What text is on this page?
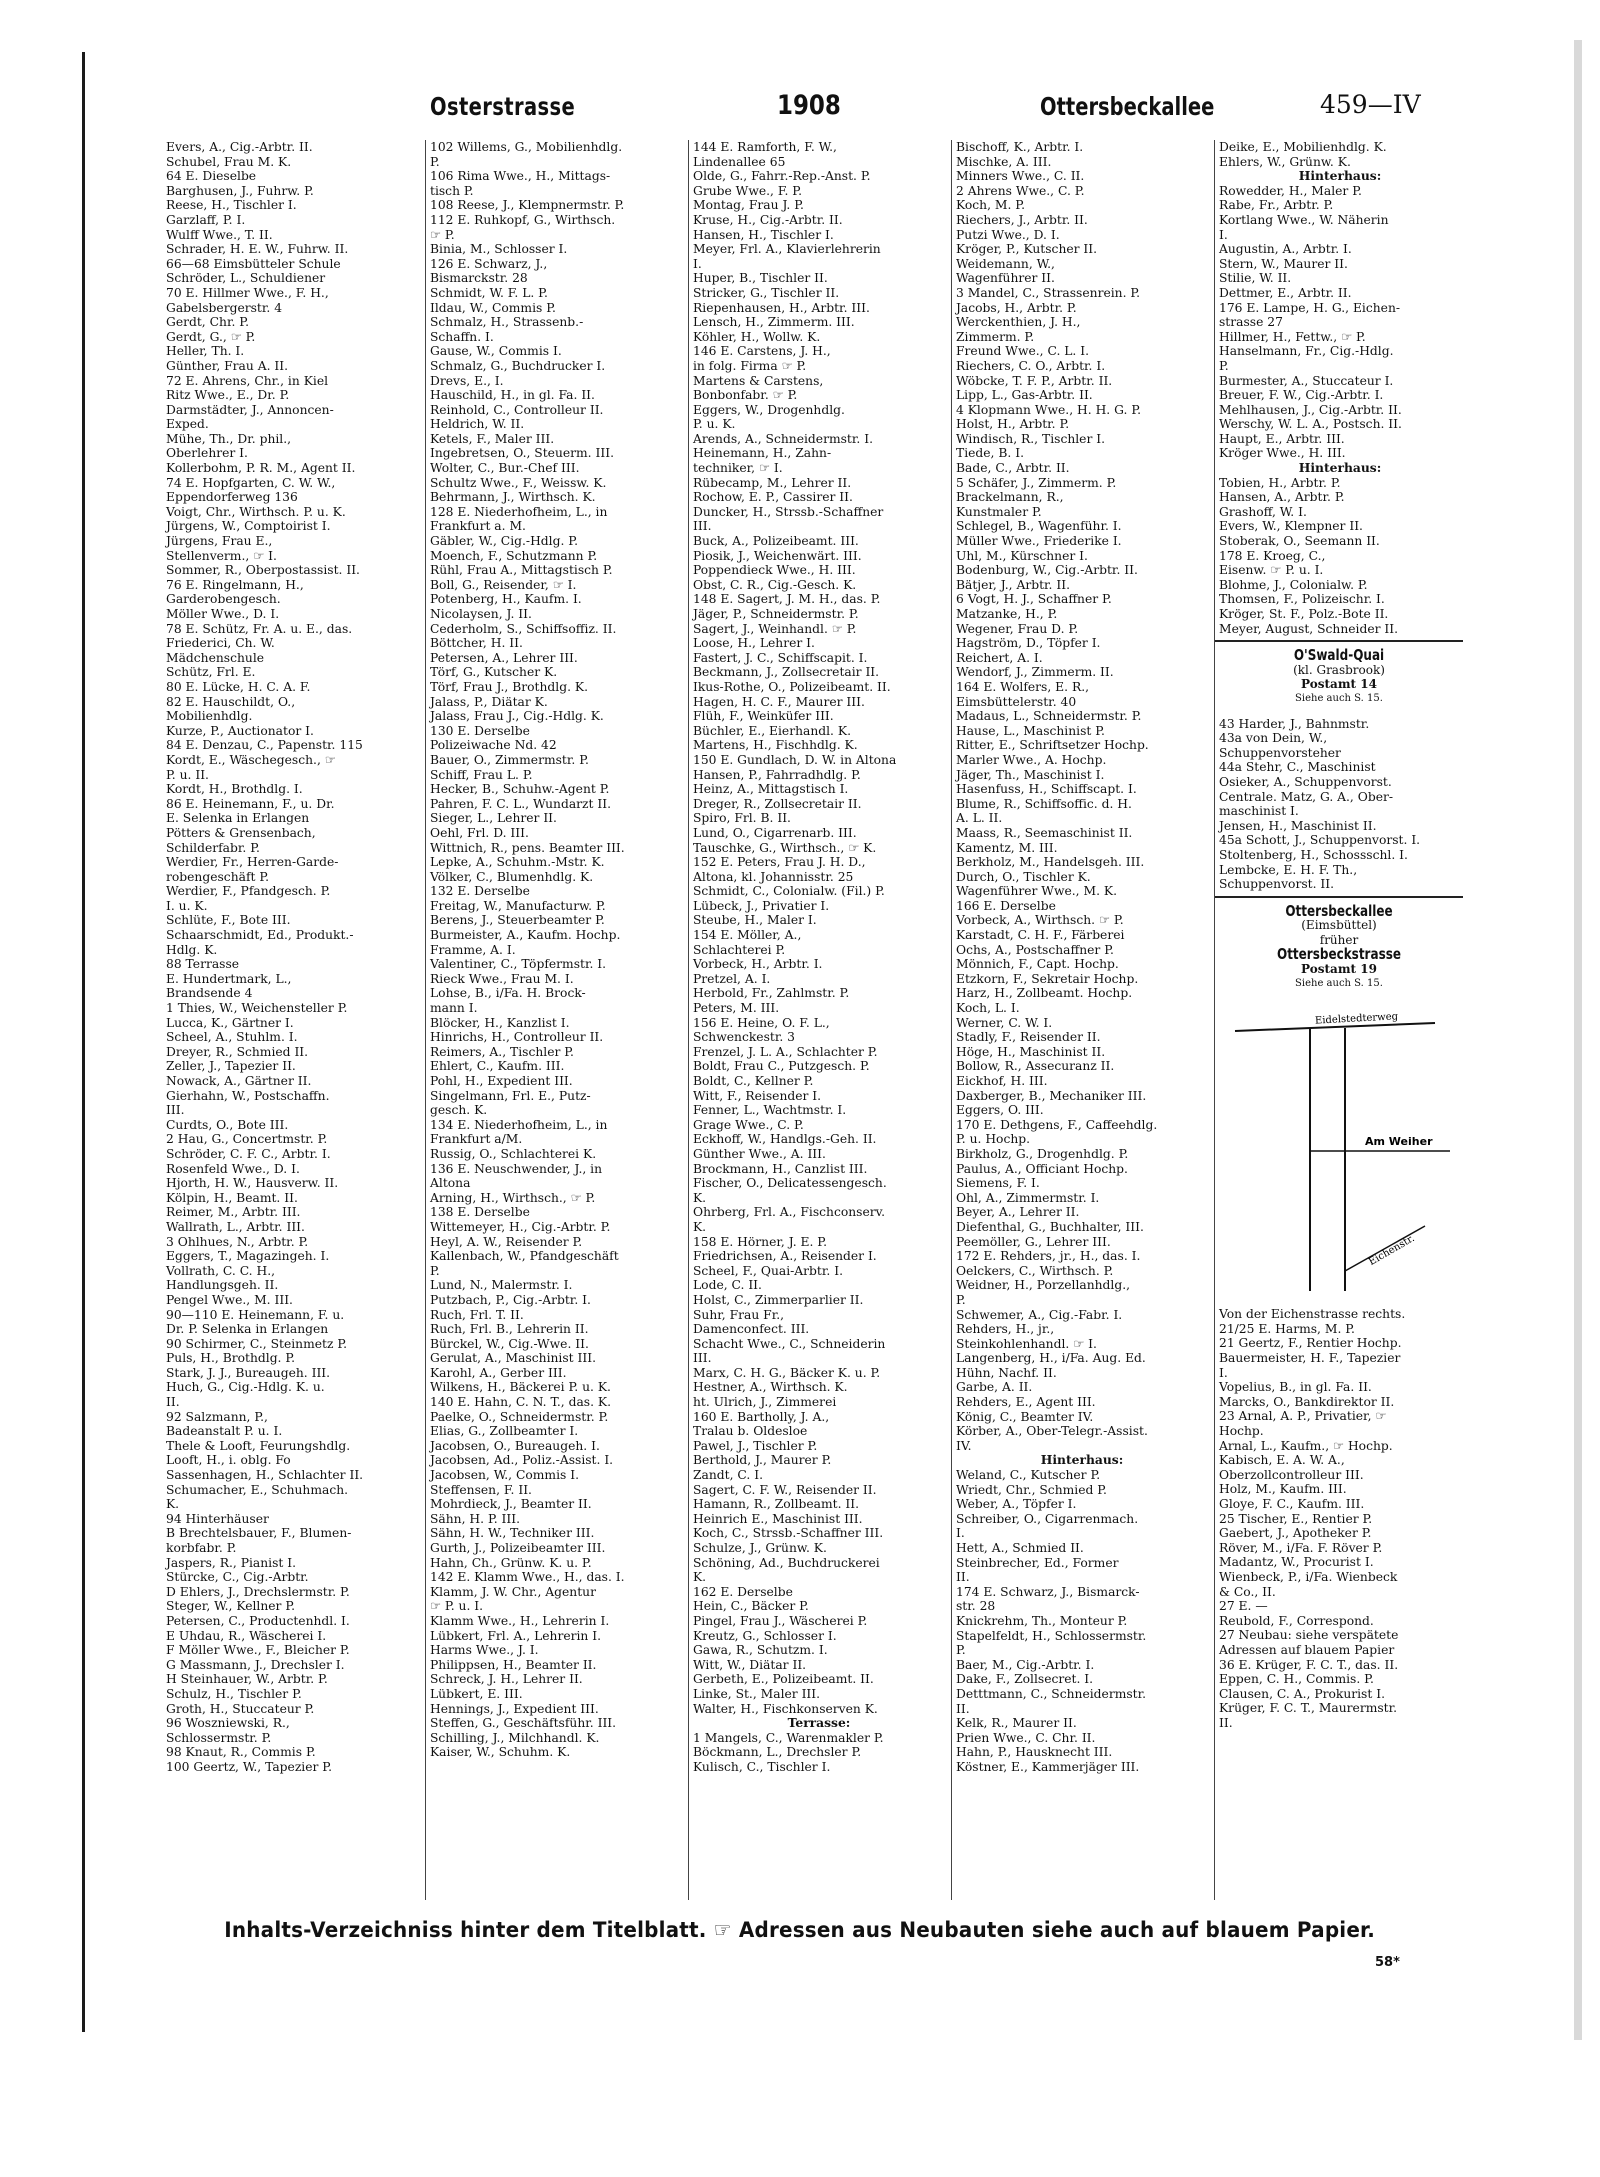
Osterstrasse	1908	Ottersbeckallee	459—IV
Evers, A., Cig.-Arbtr. II.
Schubel, Frau M. K.
64 E. Dieselbe
Barghusen, J., Fuhrw. P.
Reese, H., Tischler I.
Garzlaff, P. I.
Wulff Wwe., T. II.
Schrader, H. E. W., Fuhrw. II.
66—68 Eimsbütteler Schule
Schröder, L., Schuldiener
70 E. Hillmer Wwe., F. H.,
Gabelsbergerstr. 4
Gerdt, Chr. P.
Gerdt, G., ☞ P.
Heller, Th. I.
Günther, Frau A. II.
72 E. Ahrens, Chr., in Kiel
Ritz Wwe., E., Dr. P.
Darmstädter, J., Annoncen-
Exped.
Mühe, Th., Dr. phil.,
Oberlehrer I.
Kollerbohm, P. R. M., Agent II.
74 E. Hopfgarten, C. W. W.,
Eppendorferweg 136
Voigt, Chr., Wirthsch. P. u. K.
Jürgens, W., Comptoirist I.
Jürgens, Frau E.,
Stellenverm., ☞ I.
Sommer, R., Oberpostassist. II.
76 E. Ringelmann, H.,
Garderobengesch.
Möller Wwe., D. I.
78 E. Schütz, Fr. A. u. E., das.
Friederici, Ch. W.
Mädchenschule
Schütz, Frl. E.
80 E. Lücke, H. C. A. F.
82 E. Hauschildt, O.,
Mobilienhdlg.
Kurze, P., Auctionator I.
84 E. Denzau, C., Papenstr. 115
Kordt, E., Wäschegesch., ☞
P. u. II.
Kordt, H., Brothdlg. I.
86 E. Heinemann, F., u. Dr.
E. Selenka in Erlangen
Pötters & Grensenbach,
Schilderfabr. P.
Werdier, Fr., Herren-Garde-
robengeschäft P.
Werdier, F., Pfandgesch. P.
I. u. K.
Schlüte, F., Bote III.
Schaarschmidt, Ed., Produkt.-
Hdlg. K.
88 Terrasse
E. Hundertmark, L.,
Brandsende 4
1 Thies, W., Weichensteller P.
Lucca, K., Gärtner I.
Scheel, A., Stuhlm. I.
Dreyer, R., Schmied II.
Zeller, J., Tapezier II.
Nowack, A., Gärtner II.
Gierhahn, W., Postschaffn.
III.
Curdts, O., Bote III.
2 Hau, G., Concertmstr. P.
Schröder, C. F. C., Arbtr. I.
Rosenfeld Wwe., D. I.
Hjorth, H. W., Hausverw. II.
Kölpin, H., Beamt. II.
Reimer, M., Arbtr. III.
Wallrath, L., Arbtr. III.
3 Ohlhues, N., Arbtr. P.
Eggers, T., Magazingeh. I.
Vollrath, C. C. H.,
Handlungsgeh. II.
Pengel Wwe., M. III.
90—110 E. Heinemann, F. u.
Dr. P. Selenka in Erlangen
90 Schirmer, C., Steinmetz P.
Puls, H., Brothdlg. P.
Stark, J. J., Bureaugeh. III.
Huch, G., Cig.-Hdlg. K. u.
II.
92 Salzmann, P.,
Badeanstalt P. u. I.
Thele & Looft, Feurungshdlg.
Looft, H., i. oblg. Fo
Sassenhagen, H., Schlachter II.
Schumacher, E., Schuhmach.
K.
94 Hinterhäuser
B Brechtelsbauer, F., Blumen-
korbfabr. P.
Jaspers, R., Pianist I.
Stürcke, C., Cig.-Arbtr.
D Ehlers, J., Drechslermstr. P.
Steger, W., Kellner P.
Petersen, C., Productenhdl. I.
E Uhdau, R., Wäscherei I.
F Möller Wwe., F., Bleicher P.
G Massmann, J., Drechsler I.
H Steinhauer, W., Arbtr. P.
Schulz, H., Tischler P.
Groth, H., Stuccateur P.
96 Woszniewski, R.,
Schlossermstr. P.
98 Knaut, R., Commis P.
100 Geertz, W., Tapezier P.
102 Willems, G., Mobilienhdlg.
P.
106 Rima Wwe., H., Mittags-
tisch P.
108 Reese, J., Klempnermstr. P.
112 E. Ruhkopf, G., Wirthsch.
☞ P.
Binia, M., Schlosser I.
126 E. Schwarz, J.,
Bismarckstr. 28
Schmidt, W. F. L. P.
Ildau, W., Commis P.
Schmalz, H., Strassenb.-
Schaffn. I.
Gause, W., Commis I.
Schmalz, G., Buchdrucker I.
Drevs, E., I.
Hauschild, H., in gl. Fa. II.
Reinhold, C., Controlleur II.
Heldrich, W. II.
Ketels, F., Maler III.
Ingebretsen, O., Steuerm. III.
Wolter, C., Bur.-Chef III.
Schultz Wwe., F., Weissw. K.
Behrmann, J., Wirthsch. K.
128 E. Niederhofheim, L., in
Frankfurt a. M.
Gäbler, W., Cig.-Hdlg. P.
Moench, F., Schutzmann P.
Rühl, Frau A., Mittagstisch P.
Boll, G., Reisender, ☞ I.
Potenberg, H., Kaufm. I.
Nicolaysen, J. II.
Cederholm, S., Schiffsoffiz. II.
Böttcher, H. II.
Petersen, A., Lehrer III.
Törf, G., Kutscher K.
Törf, Frau J., Brothdlg. K.
Jalass, P., Diätar K.
Jalass, Frau J., Cig.-Hdlg. K.
130 E. Derselbe
Polizeiwache Nd. 42
Bauer, O., Zimmermstr. P.
Schiff, Frau L. P.
Hecker, B., Schuhw.-Agent P.
Pahren, F. C. L., Wundarzt II.
Sieger, L., Lehrer II.
Oehl, Frl. D. III.
Wittnich, R., pens. Beamter III.
Lepke, A., Schuhm.-Mstr. K.
Völker, C., Blumenhdlg. K.
132 E. Derselbe
Freitag, W., Manufacturw. P.
Berens, J., Steuerbeamter P.
Burmeister, A., Kaufm. Hochp.
Framme, A. I.
Valentiner, C., Töpfermstr. I.
Rieck Wwe., Frau M. I.
Lohse, B., i/Fa. H. Brock-
mann I.
Blöcker, H., Kanzlist I.
Hinrichs, H., Controlleur II.
Reimers, A., Tischler P.
Ehlert, C., Kaufm. III.
Pohl, H., Expedient III.
Singelmann, Frl. E., Putz-
gesch. K.
134 E. Niederhofheim, L., in
Frankfurt a/M.
Russig, O., Schlachterei K.
136 E. Neuschwender, J., in
Altona
Arning, H., Wirthsch., ☞ P.
138 E. Derselbe
Wittemeyer, H., Cig.-Arbtr. P.
Heyl, A. W., Reisender P.
Kallenbach, W., Pfandgeschäft
P.
Lund, N., Malermstr. I.
Putzbach, P., Cig.-Arbtr. I.
Ruch, Frl. T. II.
Ruch, Frl. B., Lehrerin II.
Bürckel, W., Cig.-Wwe. II.
Gerulat, A., Maschinist III.
Karohl, A., Gerber III.
Wilkens, H., Bäckerei P. u. K.
140 E. Hahn, C. N. T., das. K.
Paelke, O., Schneidermstr. P.
Elias, G., Zollbeamter I.
Jacobsen, O., Bureaugeh. I.
Jacobsen, Ad., Poliz.-Assist. I.
Jacobsen, W., Commis I.
Steffensen, F. II.
Mohrdieck, J., Beamter II.
Sähn, H. P. III.
Sähn, H. W., Techniker III.
Gurth, J., Polizeibeamter III.
Hahn, Ch., Grünw. K. u. P.
142 E. Klamm Wwe., H., das. I.
Klamm, J. W. Chr., Agentur
☞ P. u. I.
Klamm Wwe., H., Lehrerin I.
Lübkert, Frl. A., Lehrerin I.
Harms Wwe., J. I.
Philippsen, H., Beamter II.
Schreck, J. H., Lehrer II.
Lübkert, E. III.
Hennings, J., Expedient III.
Steffen, G., Geschäftsführ. III.
Schilling, J., Milchhandl. K.
Kaiser, W., Schuhm. K.
144 E. Ramforth, F. W.,
Lindenallee 65
Olde, G., Fahrr.-Rep.-Anst. P.
Grube Wwe., F. P.
Montag, Frau J. P.
Kruse, H., Cig.-Arbtr. II.
Hansen, H., Tischler I.
Meyer, Frl. A., Klavierlehrerin
I.
Huper, B., Tischler II.
Stricker, G., Tischler II.
Riepenhausen, H., Arbtr. III.
Lensch, H., Zimmerm. III.
Köhler, H., Wollw. K.
146 E. Carstens, J. H.,
in folg. Firma ☞ P.
Martens & Carstens,
Bonbonfabr. ☞ P.
Eggers, W., Drogenhdlg.
P. u. K.
Arends, A., Schneidermstr. I.
Heinemann, H., Zahn-
techniker, ☞ I.
Rübecamp, M., Lehrer II.
Rochow, E. P., Cassirer II.
Duncker, H., Strssb.-Schaffner
III.
Buck, A., Polizeibeamt. III.
Piosik, J., Weichenwärt. III.
Poppendieck Wwe., H. III.
Obst, C. R., Cig.-Gesch. K.
148 E. Sagert, J. M. H., das. P.
Jäger, P., Schneidermstr. P.
Sagert, J., Weinhandl. ☞ P.
Loose, H., Lehrer I.
Fastert, J. C., Schiffscapit. I.
Beckmann, J., Zollsecretair II.
Ikus-Rothe, O., Polizeibeamt. II.
Hagen, H. C. F., Maurer III.
Flüh, F., Weinküfer III.
Büchler, E., Eierhandl. K.
Martens, H., Fischhdlg. K.
150 E. Gundlach, D. W. in Altona
Hansen, P., Fahrradhdlg. P.
Heinz, A., Mittagstisch I.
Dreger, R., Zollsecretair II.
Spiro, Frl. B. II.
Lund, O., Cigarrenarb. III.
Tauschke, G., Wirthsch., ☞ K.
152 E. Peters, Frau J. H. D.,
Altona, kl. Johannisstr. 25
Schmidt, C., Colonialw. (Fil.) P.
Lübeck, J., Privatier I.
Steube, H., Maler I.
154 E. Möller, A.,
Schlachterei P.
Vorbeck, H., Arbtr. I.
Pretzel, A. I.
Herbold, Fr., Zahlmstr. P.
Peters, M. III.
156 E. Heine, O. F. L.,
Schwenckestr. 3
Frenzel, J. L. A., Schlachter P.
Boldt, Frau C., Putzgesch. P.
Boldt, C., Kellner P.
Witt, F., Reisender I.
Fenner, L., Wachtmstr. I.
Grage Wwe., C. P.
Eckhoff, W., Handlgs.-Geh. II.
Günther Wwe., A. III.
Brockmann, H., Canzlist III.
Fischer, O., Delicatessengesch.
K.
Ohrberg, Frl. A., Fischconserv.
K.
158 E. Hörner, J. E. P.
Friedrichsen, A., Reisender I.
Scheel, F., Quai-Arbtr. I.
Lode, C. II.
Holst, C., Zimmerparlier II.
Suhr, Frau Fr.,
Damenconfect. III.
Schacht Wwe., C., Schneiderin
III.
Marx, C. H. G., Bäcker K. u. P.
Hestner, A., Wirthsch. K.
ht. Ulrich, J., Zimmerei
160 E. Bartholly, J. A.,
Tralau b. Oldesloe
Pawel, J., Tischler P.
Berthold, J., Maurer P.
Zandt, C. I.
Sagert, C. F. W., Reisender II.
Hamann, R., Zollbeamt. II.
Heinrich E., Maschinist III.
Koch, C., Strssb.-Schaffner III.
Schulze, J., Grünw. K.
Schöning, Ad., Buchdruckerei
K.
162 E. Derselbe
Hein, C., Bäcker P.
Pingel, Frau J., Wäscherei P.
Kreutz, G., Schlosser I.
Gawa, R., Schutzm. I.
Witt, W., Diätar II.
Gerbeth, E., Polizeibeamt. II.
Linke, St., Maler III.
Walter, H., Fischkonserven K.
Terrasse:
1 Mangels, C., Warenmakler P.
Böckmann, L., Drechsler P.
Kulisch, C., Tischler I.
Bischoff, K., Arbtr. I.
Mischke, A. III.
Minners Wwe., C. II.
2 Ahrens Wwe., C. P.
Koch, M. P.
Riechers, J., Arbtr. II.
Putzi Wwe., D. I.
Kröger, P., Kutscher II.
Weidemann, W.,
Wagenführer II.
3 Mandel, C., Strassenrein. P.
Jacobs, H., Arbtr. P.
Werckenthien, J. H.,
Zimmerm. P.
Freund Wwe., C. L. I.
Riechers, C. O., Arbtr. I.
Wöbcke, T. F. P., Arbtr. II.
Lipp, L., Gas-Arbtr. II.
4 Klopmann Wwe., H. H. G. P.
Holst, H., Arbtr. P.
Windisch, R., Tischler I.
Tiede, B. I.
Bade, C., Arbtr. II.
5 Schäfer, J., Zimmerm. P.
Brackelmann, R.,
Kunstmaler P.
Schlegel, B., Wagenführ. I.
Müller Wwe., Friederike I.
Uhl, M., Kürschner I.
Bodenburg, W., Cig.-Arbtr. II.
Bätjer, J., Arbtr. II.
6 Vogt, H. J., Schaffner P.
Matzanke, H., P.
Wegener, Frau D. P.
Hagström, D., Töpfer I.
Reichert, A. I.
Wendorf, J., Zimmerm. II.
164 E. Wolfers, E. R.,
Eimsbüttelerstr. 40
Madaus, L., Schneidermstr. P.
Hause, L., Maschinist P.
Ritter, E., Schriftsetzer Hochp.
Marler Wwe., A. Hochp.
Jäger, Th., Maschinist I.
Hasenfuss, H., Schiffscapt. I.
Blume, R., Schiffsoffic. d. H.
A. L. II.
Maass, R., Seemaschinist II.
Kamentz, M. III.
Berkholz, M., Handelsgeh. III.
Durch, O., Tischler K.
Wagenführer Wwe., M. K.
166 E. Derselbe
Vorbeck, A., Wirthsch. ☞ P.
Karstadt, C. H. F., Färberei
Ochs, A., Postschaffner P.
Mönnich, F., Capt. Hochp.
Etzkorn, F., Sekretair Hochp.
Harz, H., Zollbeamt. Hochp.
Koch, L. I.
Werner, C. W. I.
Stadly, F., Reisender II.
Höge, H., Maschinist II.
Bollow, R., Assecuranz II.
Eickhof, H. III.
Daxberger, B., Mechaniker III.
Eggers, O. III.
170 E. Dethgens, F., Caffeehdlg.
P. u. Hochp.
Birkholz, G., Drogenhdlg. P.
Paulus, A., Officiant Hochp.
Siemens, F. I.
Ohl, A., Zimmermstr. I.
Beyer, A., Lehrer II.
Diefenthal, G., Buchhalter, III.
Peemöller, G., Lehrer III.
172 E. Rehders, jr., H., das. I.
Oelckers, C., Wirthsch. P.
Weidner, H., Porzellanhdlg.,
P.
Schwemer, A., Cig.-Fabr. I.
Rehders, H., jr.,
Steinkohlenhandl. ☞ I.
Langenberg, H., i/Fa. Aug. Ed.
Hühn, Nachf. II.
Garbe, A. II.
Rehders, E., Agent III.
König, C., Beamter IV.
Körber, A., Ober-Telegr.-Assist.
IV.
Hinterhaus:
Weland, C., Kutscher P.
Wriedt, Chr., Schmied P.
Weber, A., Töpfer I.
Schreiber, O., Cigarrenmach.
I.
Hett, A., Schmied II.
Steinbrecher, Ed., Former
II.
174 E. Schwarz, J., Bismarck-
str. 28
Knickrehm, Th., Monteur P.
Stapelfeldt, H., Schlossermstr.
P.
Baer, M., Cig.-Arbtr. I.
Dake, F., Zollsecret. I.
Detttmann, C., Schneidermstr.
II.
Kelk, R., Maurer II.
Prien Wwe., C. Chr. II.
Hahn, P., Hausknecht III.
Köstner, E., Kammerjäger III.
Deike, E., Mobilienhdlg. K.
Ehlers, W., Grünw. K.
Hinterhaus:
Rowedder, H., Maler P.
Rabe, Fr., Arbtr. P.
Kortlang Wwe., W. Näherin
I.
Augustin, A., Arbtr. I.
Stern, W., Maurer II.
Stilie, W. II.
Dettmer, E., Arbtr. II.
176 E. Lampe, H. G., Eichen-
strasse 27
Hillmer, H., Fettw., ☞ P.
Hanselmann, Fr., Cig.-Hdlg.
P.
Burmester, A., Stuccateur I.
Breuer, F. W., Cig.-Arbtr. I.
Mehlhausen, J., Cig.-Arbtr. II.
Werschy, W. L. A., Postsch. II.
Haupt, E., Arbtr. III.
Kröger Wwe., H. III.
Hinterhaus:
Tobien, H., Arbtr. P.
Hansen, A., Arbtr. P.
Grashoff, W. I.
Evers, W., Klempner II.
Stoberak, O., Seemann II.
178 E. Kroeg, C.,
Eisenw. ☞ P. u. I.
Blohme, J., Colonialw. P.
Thomsen, F., Polizeischr. I.
Kröger, St. F., Polz.-Bote II.
Meyer, August, Schneider II.
O'Swald-Quai
(kl. Grasbrook)
Postamt 14
Siehe auch S. 15.
43 Harder, J., Bahnmstr.
43a von Dein, W.,
Schuppenvorsteher
44a Stehr, C., Maschinist
Osieker, A., Schuppenvorst.
Centrale. Matz, G. A., Ober-
maschinist I.
Jensen, H., Maschinist II.
45a Schott, J., Schuppenvorst. I.
Stoltenberg, H., Schossschl. I.
Lembcke, E. H. F. Th.,
Schuppenvorst. II.
Ottersbeckallee
(Eimsbüttel)
früher
Ottersbeckstrasse
Postamt 19
Siehe auch S. 15.
Eidelstedterweg
Am Weiher
Eichenstr.
Von der Eichenstrasse rechts.
21/25 E. Harms, M. P.
21 Geertz, F., Rentier Hochp.
Bauermeister, H. F., Tapezier
I.
Vopelius, B., in gl. Fa. II.
Marcks, O., Bankdirektor II.
23 Arnal, A. P., Privatier, ☞
Hochp.
Arnal, L., Kaufm., ☞ Hochp.
Kabisch, E. A. W. A.,
Oberzollcontrolleur III.
Holz, M., Kaufm. III.
Gloye, F. C., Kaufm. III.
25 Tischer, E., Rentier P.
Gaebert, J., Apotheker P.
Röver, M., i/Fa. F. Röver P.
Madantz, W., Procurist I.
Wienbeck, P., i/Fa. Wienbeck
& Co., II.
27 E. —
Reubold, F., Correspond.
27 Neubau: siehe verspätete
Adressen auf blauem Papier
36 E. Krüger, F. C. T., das. II.
Eppen, C. H., Commis. P.
Clausen, C. A., Prokurist I.
Krüger, F. C. T., Maurermstr.
II.
Inhalts-Verzeichniss hinter dem Titelblatt. ☞ Adressen aus Neubauten siehe auch auf blauem Papier.
58*
